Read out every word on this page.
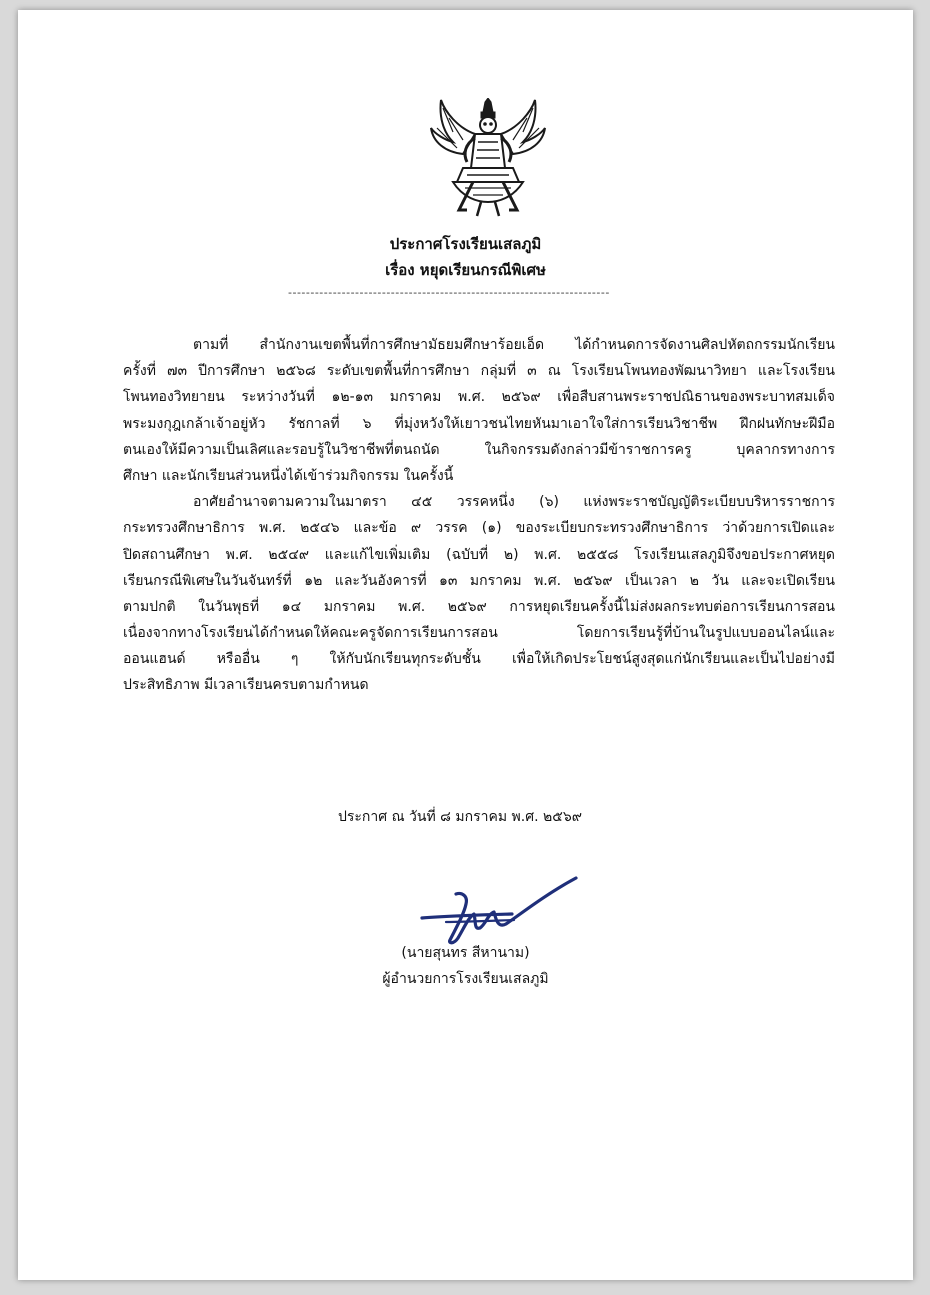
ประกาศโรงเรียนเสลภูมิ
เรื่อง หยุดเรียนกรณีพิเศษ
------------------------------------------------------------------------
ตามที่ สำนักงานเขตพื้นที่การศึกษามัธยมศึกษาร้อยเอ็ด ได้กำหนดการจัดงานศิลปหัตถกรรมนักเรียน
ครั้งที่ ๗๓ ปีการศึกษา ๒๕๖๘ ระดับเขตพื้นที่การศึกษา กลุ่มที่ ๓ ณ โรงเรียนโพนทองพัฒนาวิทยา และโรงเรียน
โพนทองวิทยายน ระหว่างวันที่ ๑๒-๑๓ มกราคม พ.ศ. ๒๕๖๙ เพื่อสืบสานพระราชปณิธานของพระบาทสมเด็จ
พระมงกุฎเกล้าเจ้าอยู่หัว รัชกาลที่ ๖ ที่มุ่งหวังให้เยาวชนไทยหันมาเอาใจใส่การเรียนวิชาชีพ ฝึกฝนทักษะฝีมือ
ตนเองให้มีความเป็นเลิศและรอบรู้ในวิชาชีพที่ตนถนัด ในกิจกรรมดังกล่าวมีข้าราชการครู บุคลากรทางการ
ศึกษา และนักเรียนส่วนหนึ่งได้เข้าร่วมกิจกรรม ในครั้งนี้
อาศัยอำนาจตามความในมาตรา ๔๕ วรรคหนึ่ง (๖) แห่งพระราชบัญญัติระเบียบบริหารราชการ
กระทรวงศึกษาธิการ พ.ศ. ๒๕๔๖ และข้อ ๙ วรรค (๑) ของระเบียบกระทรวงศึกษาธิการ ว่าด้วยการเปิดและ
ปิดสถานศึกษา พ.ศ. ๒๕๔๙ และแก้ไขเพิ่มเติม (ฉบับที่ ๒) พ.ศ. ๒๕๕๘ โรงเรียนเสลภูมิจึงขอประกาศหยุด
เรียนกรณีพิเศษในวันจันทร์ที่ ๑๒ และวันอังคารที่ ๑๓ มกราคม พ.ศ. ๒๕๖๙ เป็นเวลา ๒ วัน และจะเปิดเรียน
ตามปกติ ในวันพุธที่ ๑๔ มกราคม พ.ศ. ๒๕๖๙ การหยุดเรียนครั้งนี้ไม่ส่งผลกระทบต่อการเรียนการสอน
เนื่องจากทางโรงเรียนได้กำหนดให้คณะครูจัดการเรียนการสอน โดยการเรียนรู้ที่บ้านในรูปแบบออนไลน์และ
ออนแฮนด์ หรืออื่น ๆ ให้กับนักเรียนทุกระดับชั้น เพื่อให้เกิดประโยชน์สูงสุดแก่นักเรียนและเป็นไปอย่างมี
ประสิทธิภาพ มีเวลาเรียนครบตามกำหนด
ประกาศ ณ วันที่ ๘ มกราคม พ.ศ. ๒๕๖๙
(นายสุนทร สีหานาม)
ผู้อำนวยการโรงเรียนเสลภูมิ
